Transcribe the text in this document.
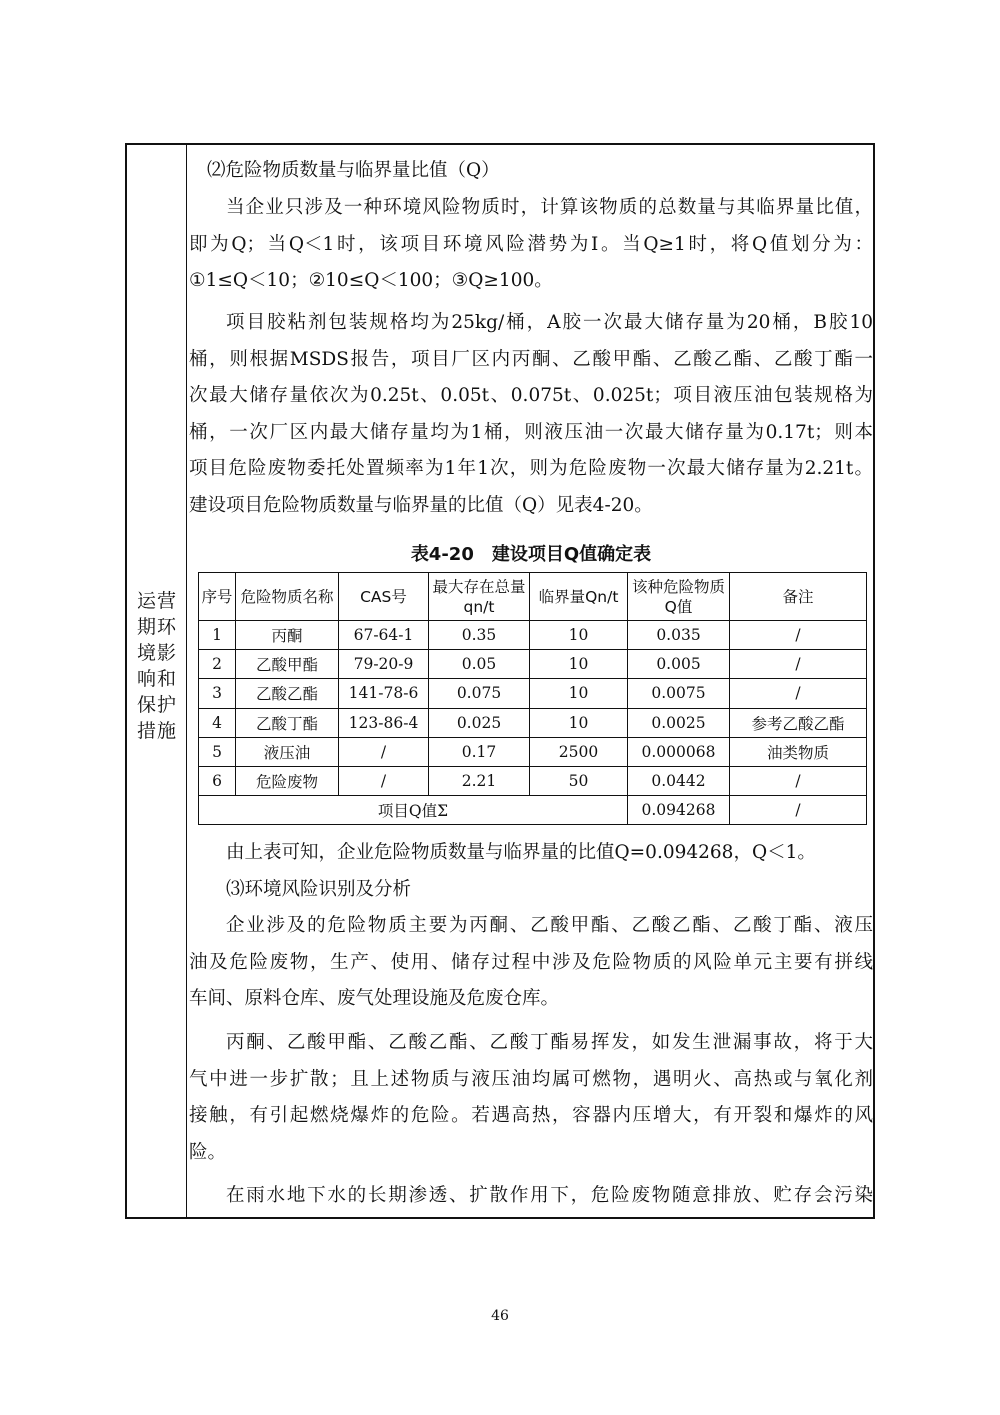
运营期环境影响和保护措施
⑵危险物质数量与临界量比值（Q）
当企业只涉及一种环境风险物质时，计算该物质的总数量与其临界量比值，
即为Q；当Q＜1时，该项目环境风险潜势为I。当Q≥1时，将Q值划分为：
①1≤Q＜10；②10≤Q＜100；③Q≥100。
项目胶粘剂包装规格均为25kg/桶，A胶一次最大储存量为20桶，B胶10
桶，则根据MSDS报告，项目厂区内丙酮、乙酸甲酯、乙酸乙酯、乙酸丁酯一
次最大储存量依次为0.25t、0.05t、0.075t、0.025t；项目液压油包装规格为
桶，一次厂区内最大储存量均为1桶，则液压油一次最大储存量为0.17t；则本
项目危险废物委托处置频率为1年1次，则为危险废物一次最大储存量为2.21t。
建设项目危险物质数量与临界量的比值（Q）见表4-20。
表4-20　建设项目Q值确定表
序号	危险物质名称	CAS号	最大存在总量qn/t	临界量Qn/t	该种危险物质Q值	备注
1	丙酮	67-64-1	0.35	10	0.035	/
2	乙酸甲酯	79-20-9	0.05	10	0.005	/
3	乙酸乙酯	141-78-6	0.075	10	0.0075	/
4	乙酸丁酯	123-86-4	0.025	10	0.0025	参考乙酸乙酯
5	液压油	/	0.17	2500	0.000068	油类物质
6	危险废物	/	2.21	50	0.0442	/
项目Q值Σ					0.094268	/
由上表可知，企业危险物质数量与临界量的比值Q=0.094268，Q＜1。
⑶环境风险识别及分析
企业涉及的危险物质主要为丙酮、乙酸甲酯、乙酸乙酯、乙酸丁酯、液压
油及危险废物，生产、使用、储存过程中涉及危险物质的风险单元主要有拼线
车间、原料仓库、废气处理设施及危废仓库。
丙酮、乙酸甲酯、乙酸乙酯、乙酸丁酯易挥发，如发生泄漏事故，将于大
气中进一步扩散；且上述物质与液压油均属可燃物，遇明火、高热或与氧化剂
接触，有引起燃烧爆炸的危险。若遇高热，容器内压增大，有开裂和爆炸的风
险。
在雨水地下水的长期渗透、扩散作用下，危险废物随意排放、贮存会污染
46
